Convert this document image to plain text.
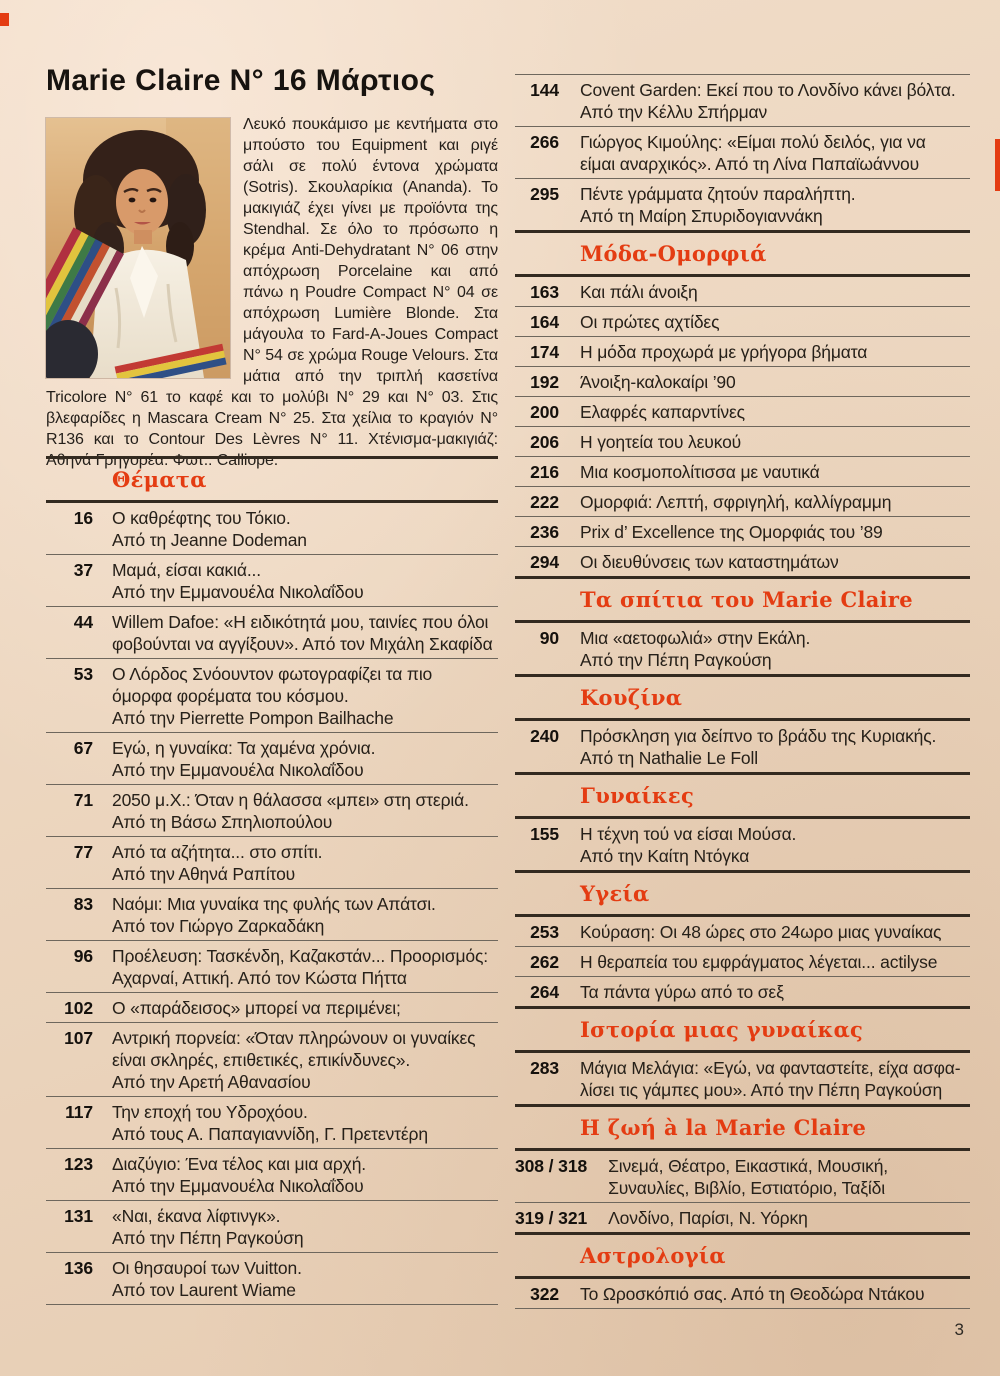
Marie Claire N° 16 Μάρτιος
Λευκό πουκάμισο με κεντήματα στο μπούστο του Equipment και ριγέ σάλι σε πολύ έντονα χρώματα (Sotris). Σκουλαρίκια (Ananda). Το μακιγιάζ έχει γίνει με προϊόντα της Stendhal. Σε όλο το πρόσωπο η κρέμα Anti-Dehydratant N° 06 στην απόχρωση Porcelaine και από πάνω η Poudre Compact N° 04 σε απόχρωση Lumière Blonde. Στα μάγουλα το Fard-A-Joues Compact N° 54 σε χρώμα Rouge Velours. Στα μάτια από την τριπλή κασετίνα Tricolore N° 61 το καφέ και το μολύβι N° 29 και N° 03. Στις βλεφαρίδες η Mascara Cream N° 25. Στα χείλια το κραγιόν N° R136 και το Contour Des Lèvres N° 11. Χτένισμα-μακιγιάζ: Αθηνά Γρηγορέα. Φωτ.: Calliope.
Θέματα
16 Ο καθρέφτης του Τόκιο.
Από τη Jeanne Dodeman
37 Μαμά, είσαι κακιά...
Από την Εμμανουέλα Νικολαΐδου
44 Willem Dafoe: «Η ειδικότητά μου, ταινίες που όλοι
φοβούνται να αγγίξουν». Από τον Μιχάλη Σκαφίδα
53 Ο Λόρδος Σνόουντον φωτογραφίζει τα πιο
όμορφα φορέματα του κόσμου.
Από την Pierrette Pompon Bailhache
67 Εγώ, η γυναίκα: Τα χαμένα χρόνια.
Από την Εμμανουέλα Νικολαΐδου
71 2050 μ.Χ.: Όταν η θάλασσα «μπει» στη στεριά.
Από τη Βάσω Σπηλιοπούλου
77 Από τα αζήτητα... στο σπίτι.
Από την Αθηνά Ραπίτου
83 Ναόμι: Μια γυναίκα της φυλής των Απάτσι.
Από τον Γιώργο Ζαρκαδάκη
96 Προέλευση: Τασκένδη, Καζακστάν... Προορισμός:
Αχαρναί, Αττική. Από τον Κώστα Πήττα
102 Ο «παράδεισος» μπορεί να περιμένει;
107 Αντρική πορνεία: «Όταν πληρώνουν οι γυναίκες
είναι σκληρές, επιθετικές, επικίνδυνες».
Από την Αρετή Αθανασίου
117 Την εποχή του Υδροχόου.
Από τους Α. Παπαγιαννίδη, Γ. Πρετεντέρη
123 Διαζύγιο: Ένα τέλος και μια αρχή.
Από την Εμμανουέλα Νικολαΐδου
131 «Ναι, έκανα λίφτινγκ».
Από την Πέπη Ραγκούση
136 Οι θησαυροί των Vuitton.
Από τον Laurent Wiame
144 Covent Garden: Εκεί που το Λονδίνο κάνει βόλτα.
Από την Κέλλυ Σπήρμαν
266 Γιώργος Κιμούλης: «Είμαι πολύ δειλός, για να
είμαι αναρχικός». Από τη Λίνα Παπαϊωάννου
295 Πέντε γράμματα ζητούν παραλήπτη.
Από τη Μαίρη Σπυριδογιαννάκη
Μόδα-Ομορφιά
163 Και πάλι άνοιξη
164 Οι πρώτες αχτίδες
174 Η μόδα προχωρά με γρήγορα βήματα
192 Άνοιξη-καλοκαίρι ’90
200 Ελαφρές καπαρντίνες
206 Η γοητεία του λευκού
216 Μια κοσμοπολίτισσα με ναυτικά
222 Ομορφιά: Λεπτή, σφριγηλή, καλλίγραμμη
236 Prix d’ Excellence της Ομορφιάς του ’89
294 Οι διευθύνσεις των καταστημάτων
Τα σπίτια του Marie Claire
90 Μια «αετοφωλιά» στην Εκάλη.
Από την Πέπη Ραγκούση
Κουζίνα
240 Πρόσκληση για δείπνο το βράδυ της Κυριακής.
Από τη Nathalie Le Foll
Γυναίκες
155 Η τέχνη τού να είσαι Μούσα.
Από την Καίτη Ντόγκα
Υγεία
253 Κούραση: Οι 48 ώρες στο 24ωρο μιας γυναίκας
262 Η θεραπεία του εμφράγματος λέγεται... actilyse
264 Τα πάντα γύρω από το σεξ
Ιστορία μιας γυναίκας
283 Μάγια Μελάγια: «Εγώ, να φανταστείτε, είχα ασφα-
λίσει τις γάμπες μου». Από την Πέπη Ραγκούση
Η ζωή à la Marie Claire
308 / 318 Σινεμά, Θέατρο, Εικαστικά, Μουσική,
Συναυλίες, Βιβλίο, Εστιατόριο, Ταξίδι
319 / 321 Λονδίνο, Παρίσι, Ν. Υόρκη
Αστρολογία
322 Το Ωροσκόπιό σας. Από τη Θεοδώρα Ντάκου
3
